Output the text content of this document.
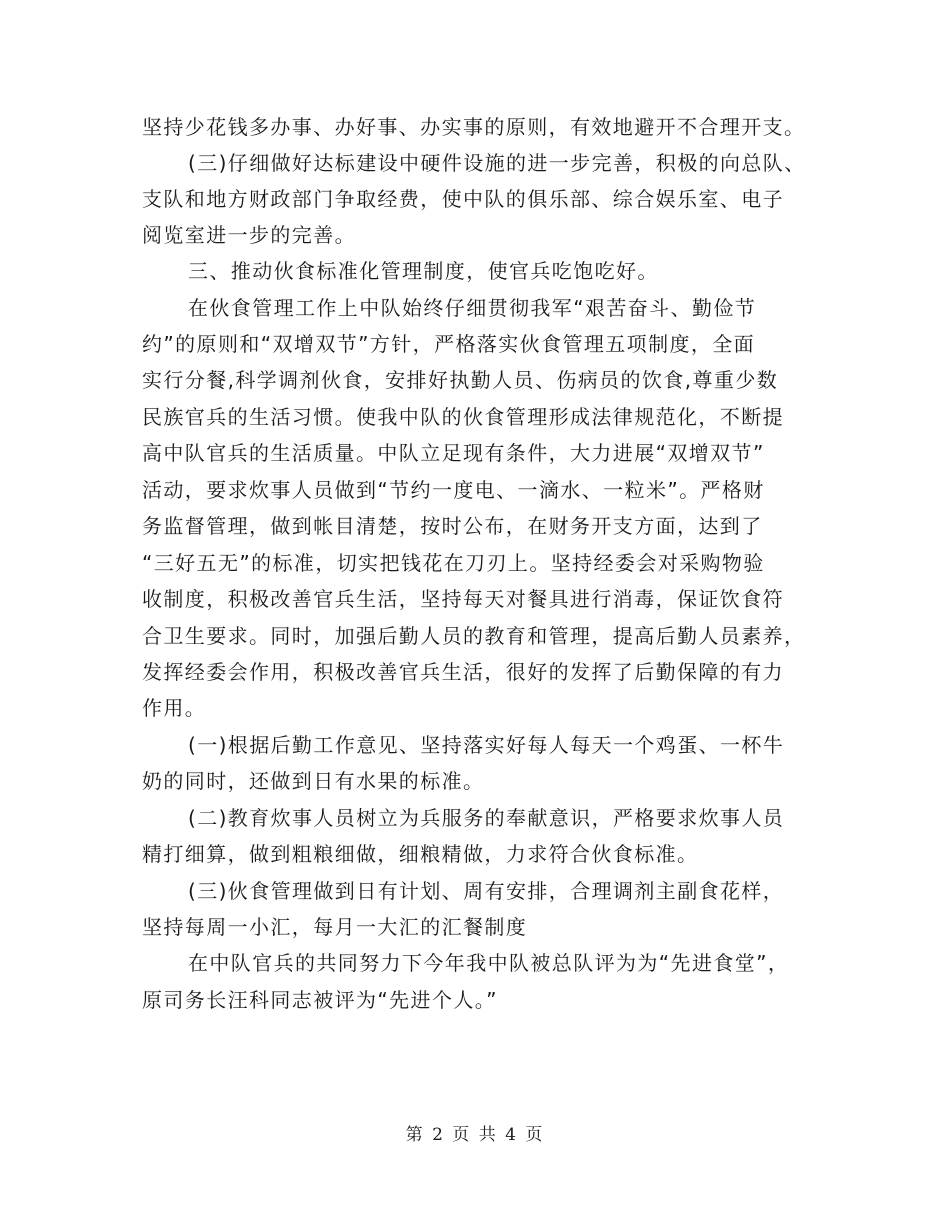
坚持少花钱多办事、办好事、办实事的原则，有效地避开不合理开支。
(三)仔细做好达标建设中硬件设施的进一步完善，积极的向总队、
支队和地方财政部门争取经费，使中队的俱乐部、综合娱乐室、电子
阅览室进一步的完善。
三、推动伙食标准化管理制度，使官兵吃饱吃好。
在伙食管理工作上中队始终仔细贯彻我军“艰苦奋斗、勤俭节
约”的原则和“双增双节”方针，严格落实伙食管理五项制度，全面
实行分餐,科学调剂伙食，安排好执勤人员、伤病员的饮食,尊重少数
民族官兵的生活习惯。使我中队的伙食管理形成法律规范化，不断提
高中队官兵的生活质量。中队立足现有条件，大力进展“双增双节”
活动，要求炊事人员做到“节约一度电、一滴水、一粒米”。严格财
务监督管理，做到帐目清楚，按时公布，在财务开支方面，达到了
“三好五无”的标准，切实把钱花在刀刃上。坚持经委会对采购物验
收制度，积极改善官兵生活，坚持每天对餐具进行消毒，保证饮食符
合卫生要求。同时，加强后勤人员的教育和管理，提高后勤人员素养，
发挥经委会作用，积极改善官兵生活，很好的发挥了后勤保障的有力
作用。
(一)根据后勤工作意见、坚持落实好每人每天一个鸡蛋、一杯牛
奶的同时，还做到日有水果的标准。
(二)教育炊事人员树立为兵服务的奉献意识，严格要求炊事人员
精打细算，做到粗粮细做，细粮精做，力求符合伙食标准。
(三)伙食管理做到日有计划、周有安排，合理调剂主副食花样，
坚持每周一小汇，每月一大汇的汇餐制度
在中队官兵的共同努力下今年我中队被总队评为为“先进食堂”，
原司务长汪科同志被评为“先进个人。”
第 2 页 共 4 页
